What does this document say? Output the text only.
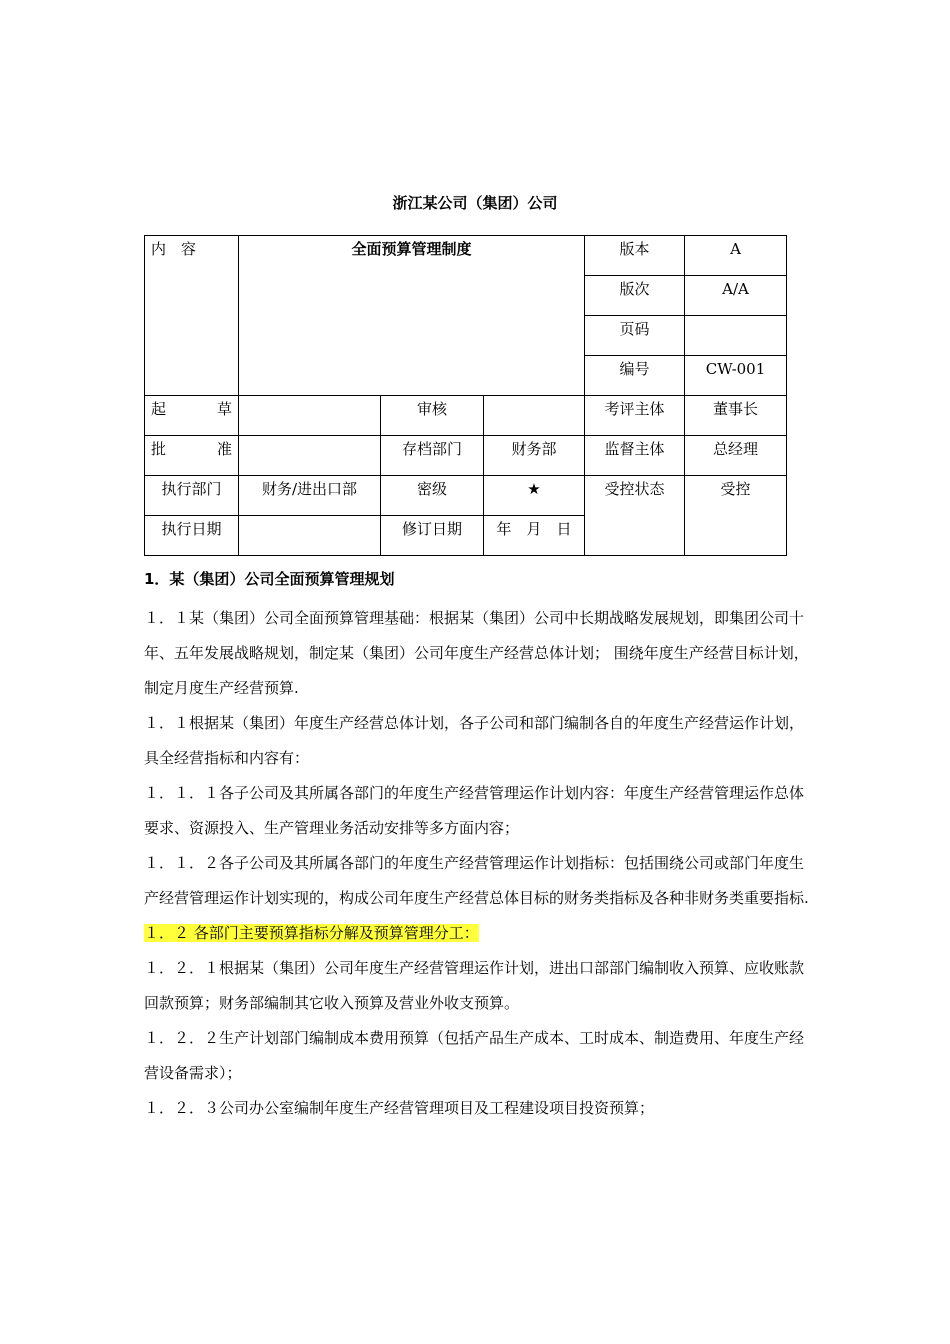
浙江某公司（集团）公司
内　容	全面预算管理制度			版本	A
				版次	A/A
				页码	
				编号	CW-001
起草		审核		考评主体	董事长
批准		存档部门	财务部	监督主体	总经理
执行部门	财务/进出口部	密级	★	受控状态	受控
执行日期		修订日期	年　月　日		
1．某（集团）公司全面预算管理规划

１．１某（集团）公司全面预算管理基础：根据某（集团）公司中长期战略发展规划，即集团公司十年、五年发展战略规划，制定某（集团）公司年度生产经营总体计划； 围绕年度生产经营目标计划，制定月度生产经营预算.

１．１根据某（集团）年度生产经营总体计划，各子公司和部门编制各自的年度生产经营运作计划，具全经营指标和内容有：

１．１．１各子公司及其所属各部门的年度生产经营管理运作计划内容：年度生产经营管理运作总体要求、资源投入、生产管理业务活动安排等多方面内容；

１．１．２各子公司及其所属各部门的年度生产经营管理运作计划指标：包括围绕公司或部门年度生产经营管理运作计划实现的，构成公司年度生产经营总体目标的财务类指标及各种非财务类重要指标.

１．２ 各部门主要预算指标分解及预算管理分工：

１．２．１根据某（集团）公司年度生产经营管理运作计划，进出口部部门编制收入预算、应收账款回款预算；财务部编制其它收入预算及营业外收支预算。

１．２．２生产计划部门编制成本费用预算（包括产品生产成本、工时成本、制造费用、年度生产经营设备需求）；

１．２．３公司办公室编制年度生产经营管理项目及工程建设项目投资预算；
